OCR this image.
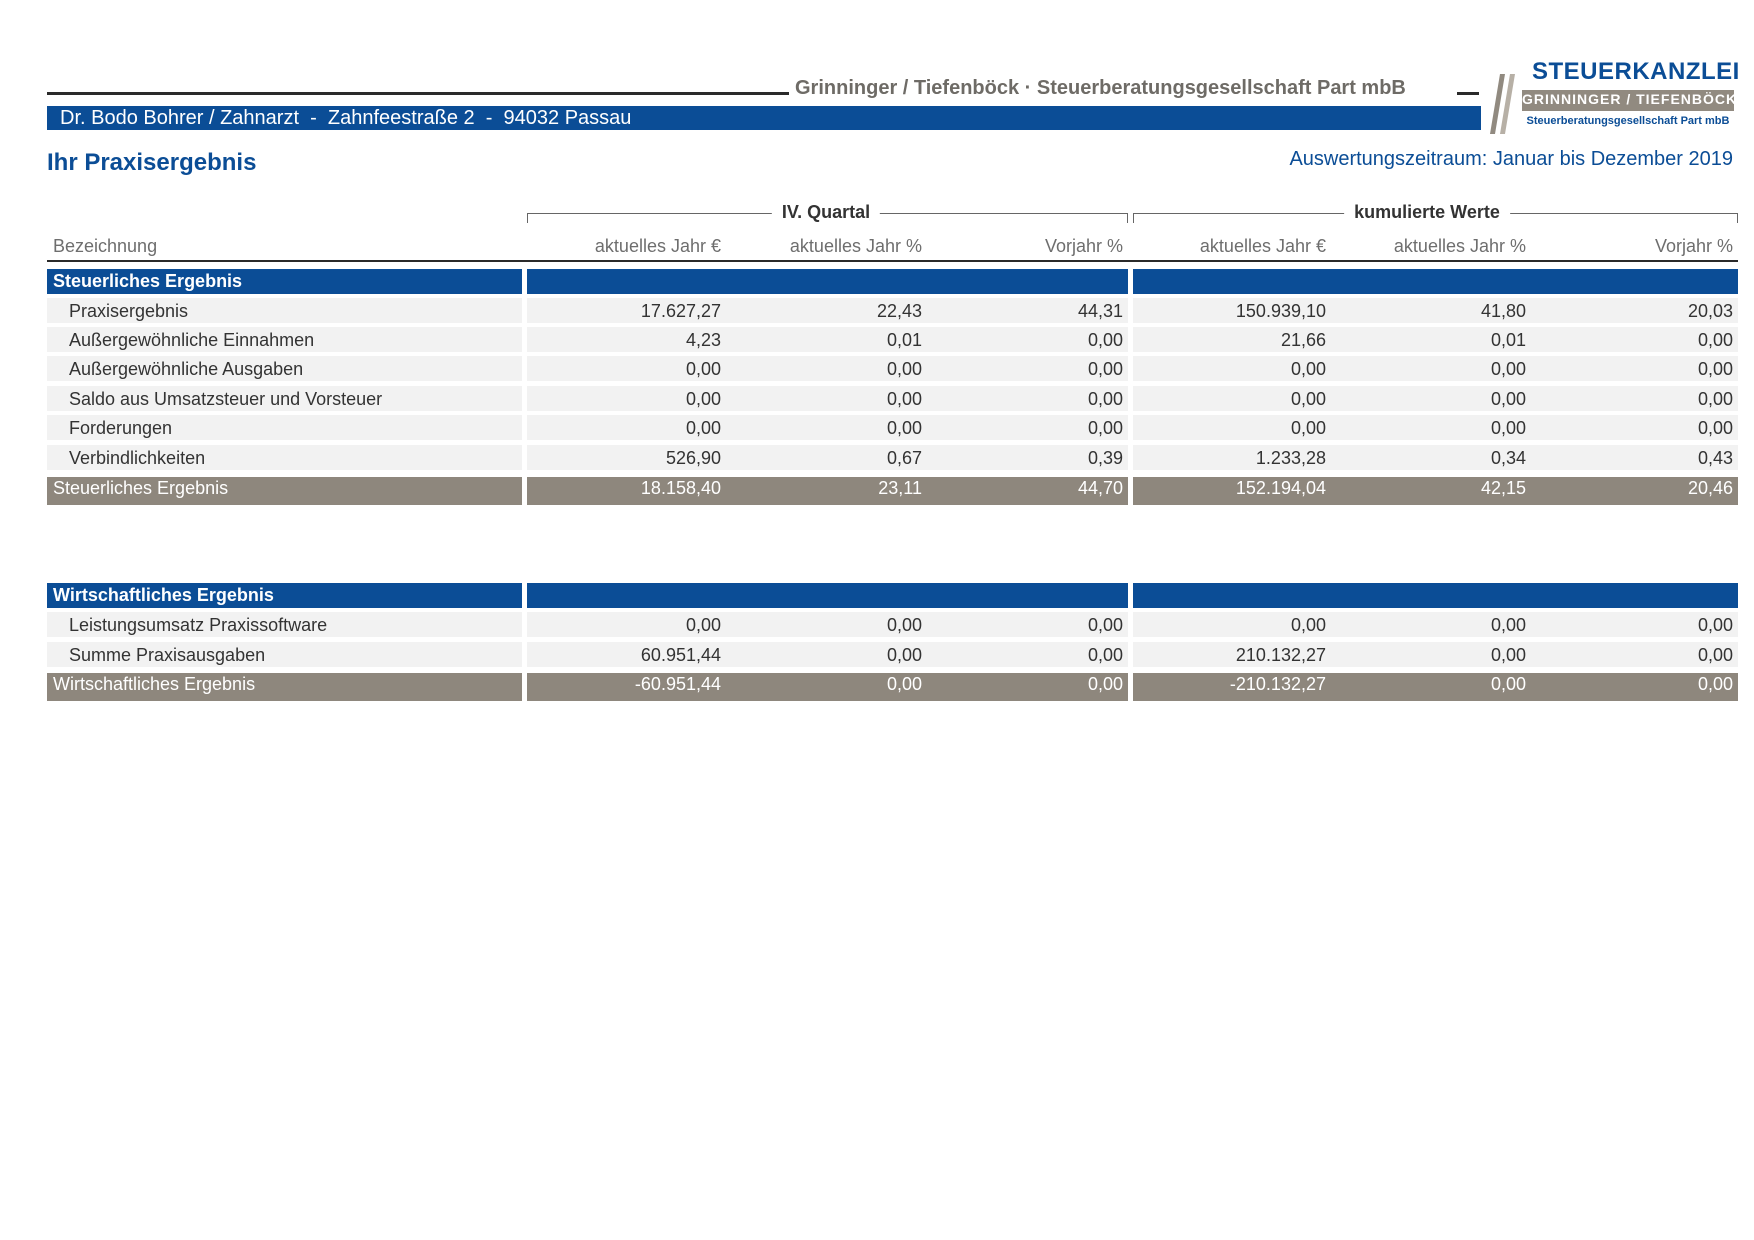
Grinninger / Tiefenböck · Steuerberatungsgesellschaft Part mbB
Dr. Bodo Bohrer / Zahnarzt  -  Zahnfeestraße 2  -  94032 Passau
STEUERKANZLEI
GRINNINGER / TIEFENBÖCK
Steuerberatungsgesellschaft Part mbB
Ihr Praxisergebnis	Auswertungszeitraum: Januar bis Dezember 2019
IV. Quartal	kumulierte Werte
Bezeichnung	aktuelles Jahr €	aktuelles Jahr %	Vorjahr %	aktuelles Jahr €	aktuelles Jahr %	Vorjahr %
Steuerliches Ergebnis
Praxisergebnis	17.627,27	22,43	44,31	150.939,10	41,80	20,03
Außergewöhnliche Einnahmen	4,23	0,01	0,00	21,66	0,01	0,00
Außergewöhnliche Ausgaben	0,00	0,00	0,00	0,00	0,00	0,00
Saldo aus Umsatzsteuer und Vorsteuer	0,00	0,00	0,00	0,00	0,00	0,00
Forderungen	0,00	0,00	0,00	0,00	0,00	0,00
Verbindlichkeiten	526,90	0,67	0,39	1.233,28	0,34	0,43
Steuerliches Ergebnis	18.158,40	23,11	44,70	152.194,04	42,15	20,46
Wirtschaftliches Ergebnis
Leistungsumsatz Praxissoftware	0,00	0,00	0,00	0,00	0,00	0,00
Summe Praxisausgaben	60.951,44	0,00	0,00	210.132,27	0,00	0,00
Wirtschaftliches Ergebnis	-60.951,44	0,00	0,00	-210.132,27	0,00	0,00
